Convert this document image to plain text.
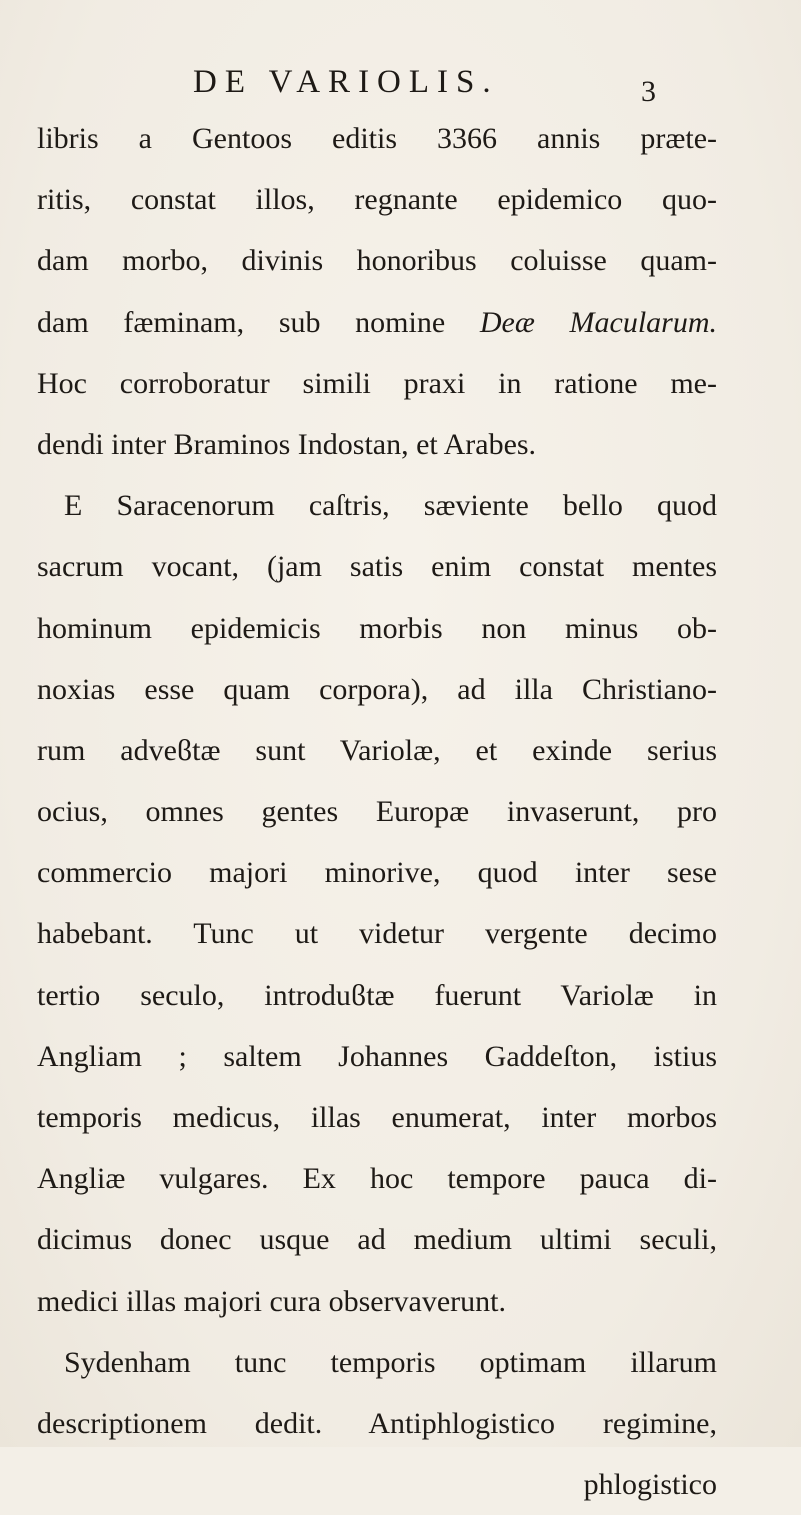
DE VARIOLIS.	3
libris a Gentoos editis 3366 annis præte-
ritis, constat illos, regnante epidemico quo-
dam morbo, divinis honoribus coluisse quam-
dam fæminam, sub nomine Deæ Macularum.
Hoc corroboratur simili praxi in ratione me-
dendi inter Braminos Indostan, et Arabes.
E Saracenorum caſtris, sæviente bello quod
sacrum vocant, (jam satis enim constat mentes
hominum epidemicis morbis non minus ob-
noxias esse quam corpora), ad illa Christiano-
rum adveϐtæ sunt Variolæ, et exinde serius
ocius, omnes gentes Europæ invaserunt, pro
commercio majori minorive, quod inter sese
habebant. Tunc ut videtur vergente decimo
tertio seculo, introduϐtæ fuerunt Variolæ in
Angliam ; saltem Johannes Gaddeſton, istius
temporis medicus, illas enumerat, inter morbos
Angliæ vulgares. Ex hoc tempore pauca di-
dicimus donec usque ad medium ultimi seculi,
medici illas majori cura observaverunt.
Sydenham tunc temporis optimam illarum
descriptionem dedit. Antiphlogistico regimine,
phlogistico
